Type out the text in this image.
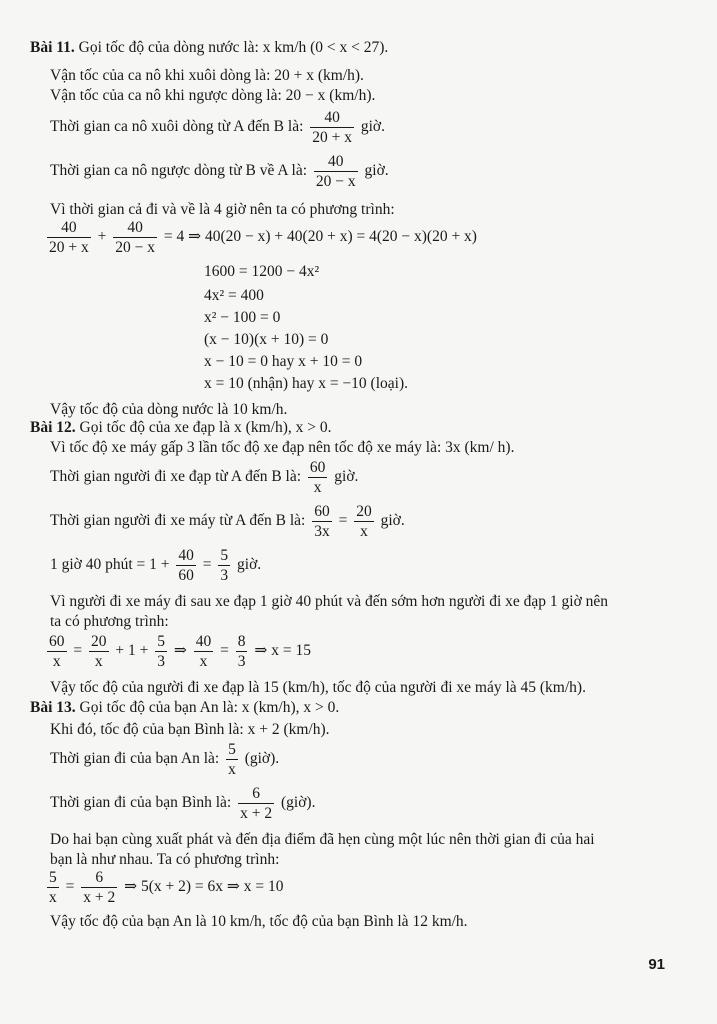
Bài 11. Gọi tốc độ của dòng nước là: x km/h (0 < x < 27).
Vận tốc của ca nô khi xuôi dòng là: 20 + x (km/h).
Vận tốc của ca nô khi ngược dòng là: 20 − x (km/h).
Thời gian ca nô xuôi dòng từ A đến B là: $\frac{40}{20 + x}$ giờ.
Thời gian ca nô ngược dòng từ B về A là: $\frac{40}{20 - x}$ giờ.
Vì thời gian cả đi và về là 4 giờ nên ta có phương trình:
$\frac{40}{20 + x} + \frac{40}{20 - x} = 4$ ⇒ 40(20 − x) + 40(20 + x) = 4(20 − x)(20 + x)
1600 = 1200 − 4x²
4x² = 400
x² − 100 = 0
(x − 10)(x + 10) = 0
x − 10 = 0 hay x + 10 = 0
x = 10 (nhận) hay x = −10 (loại).
Vậy tốc độ của dòng nước là 10 km/h.
Bài 12. Gọi tốc độ của xe đạp là x (km/h), x > 0.
Vì tốc độ xe máy gấp 3 lần tốc độ xe đạp nên tốc độ xe máy là: 3x (km/ h).
Thời gian người đi xe đạp từ A đến B là: $\frac{60}{x}$ giờ.
Thời gian người đi xe máy từ A đến B là: $\frac{60}{3x} = \frac{20}{x}$ giờ.
1 giờ 40 phút = $1 + \frac{40}{60} = \frac{5}{3}$ giờ.
Vì người đi xe máy đi sau xe đạp 1 giờ 40 phút và đến sớm hơn người đi xe đạp 1 giờ nên
ta có phương trình:
$\frac{60}{x} = \frac{20}{x} + 1 + \frac{5}{3}$ ⇒ $\frac{40}{x} = \frac{8}{3}$ ⇒ x = 15
Vậy tốc độ của người đi xe đạp là 15 (km/h), tốc độ của người đi xe máy là 45 (km/h).
Bài 13. Gọi tốc độ của bạn An là: x (km/h), x > 0.
Khi đó, tốc độ của bạn Bình là: x + 2 (km/h).
Thời gian đi của bạn An là: $\frac{5}{x}$ (giờ).
Thời gian đi của bạn Bình là: $\frac{6}{x + 2}$ (giờ).
Do hai bạn cùng xuất phát và đến địa điểm đã hẹn cùng một lúc nên thời gian đi của hai
bạn là như nhau. Ta có phương trình:
$\frac{5}{x} = \frac{6}{x + 2}$ ⇒ 5(x + 2) = 6x ⇒ x = 10
Vậy tốc độ của bạn An là 10 km/h, tốc độ của bạn Bình là 12 km/h.
91
